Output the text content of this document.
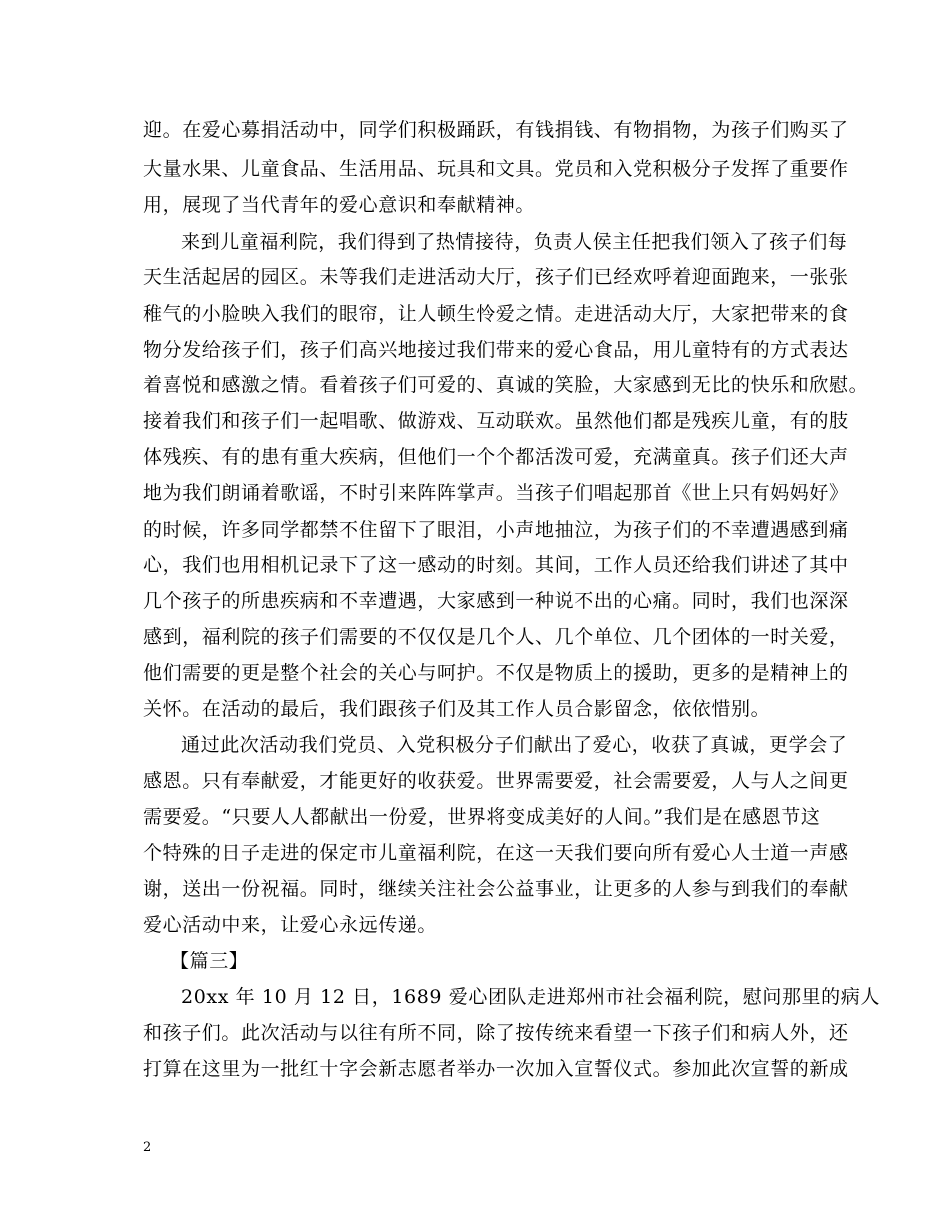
迎。在爱心募捐活动中，同学们积极踊跃，有钱捐钱、有物捐物，为孩子们购买了
大量水果、儿童食品、生活用品、玩具和文具。党员和入党积极分子发挥了重要作
用，展现了当代青年的爱心意识和奉献精神。
来到儿童福利院，我们得到了热情接待，负责人侯主任把我们领入了孩子们每
天生活起居的园区。未等我们走进活动大厅，孩子们已经欢呼着迎面跑来，一张张
稚气的小脸映入我们的眼帘，让人顿生怜爱之情。走进活动大厅，大家把带来的食
物分发给孩子们，孩子们高兴地接过我们带来的爱心食品，用儿童特有的方式表达
着喜悦和感激之情。看着孩子们可爱的、真诚的笑脸，大家感到无比的快乐和欣慰。
接着我们和孩子们一起唱歌、做游戏、互动联欢。虽然他们都是残疾儿童，有的肢
体残疾、有的患有重大疾病，但他们一个个都活泼可爱，充满童真。孩子们还大声
地为我们朗诵着歌谣，不时引来阵阵掌声。当孩子们唱起那首《世上只有妈妈好》
的时候，许多同学都禁不住留下了眼泪，小声地抽泣，为孩子们的不幸遭遇感到痛
心，我们也用相机记录下了这一感动的时刻。其间，工作人员还给我们讲述了其中
几个孩子的所患疾病和不幸遭遇，大家感到一种说不出的心痛。同时，我们也深深
感到，福利院的孩子们需要的不仅仅是几个人、几个单位、几个团体的一时关爱，
他们需要的更是整个社会的关心与呵护。不仅是物质上的援助，更多的是精神上的
关怀。在活动的最后，我们跟孩子们及其工作人员合影留念，依依惜别。
通过此次活动我们党员、入党积极分子们献出了爱心，收获了真诚，更学会了
感恩。只有奉献爱，才能更好的收获爱。世界需要爱，社会需要爱，人与人之间更
需要爱。“只要人人都献出一份爱，世界将变成美好的人间。”我们是在感恩节这
个特殊的日子走进的保定市儿童福利院，在这一天我们要向所有爱心人士道一声感
谢，送出一份祝福。同时，继续关注社会公益事业，让更多的人参与到我们的奉献
爱心活动中来，让爱心永远传递。
【篇三】
20xx 年 10 月 12 日，1689 爱心团队走进郑州市社会福利院，慰问那里的病人
和孩子们。此次活动与以往有所不同，除了按传统来看望一下孩子们和病人外，还
打算在这里为一批红十字会新志愿者举办一次加入宣誓仪式。参加此次宣誓的新成
2
